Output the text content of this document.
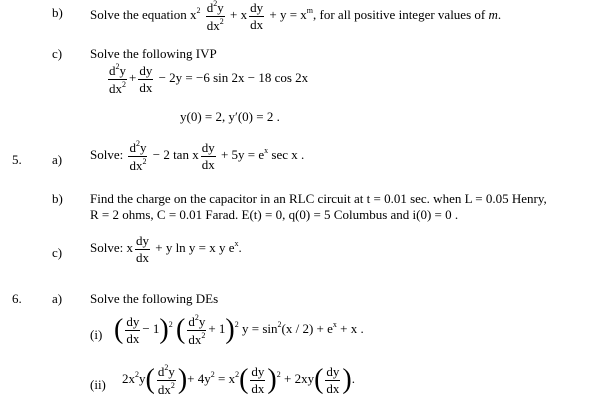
b) Solve the equation $x^2 \frac{d^2y}{dx^2} + x \frac{dy}{dx} + y = x^m$, for all positive integer values of m.
c) Solve the following IVP
$\frac{d^2y}{dx^2} + \frac{dy}{dx} - 2y = -6$ sin 2x − 18 cos 2x
y(0) = 2, y′(0) = 2 .
5. a) Solve: $\frac{d^2y}{dx^2} - 2$ tan x $\frac{dy}{dx} + 5y = e^x$ sec x .
b) Find the charge on the capacitor in an RLC circuit at t = 0.01 sec. when L = 0.05 Henry,
R = 2 ohms, C = 0.01 Farad. E(t) = 0, q(0) = 5 Columbus and i(0) = 0 .
c) Solve: x $\frac{dy}{dx} + y$ ln y = x y $e^x$.
6. a) Solve the following DEs
(i) ( $\frac{dy}{dx} - 1)^2$ ( $\frac{d^2y}{dx^2} + 1)^2$ $y = \sin^2(x / 2) + e^x + x$ .
(ii) $2x^2y( \frac{d^2y}{dx^2}$ )+ $4y^2 = x^2( \frac{dy}{dx} )^2 + 2xy( \frac{dy}{dx}$ ).
